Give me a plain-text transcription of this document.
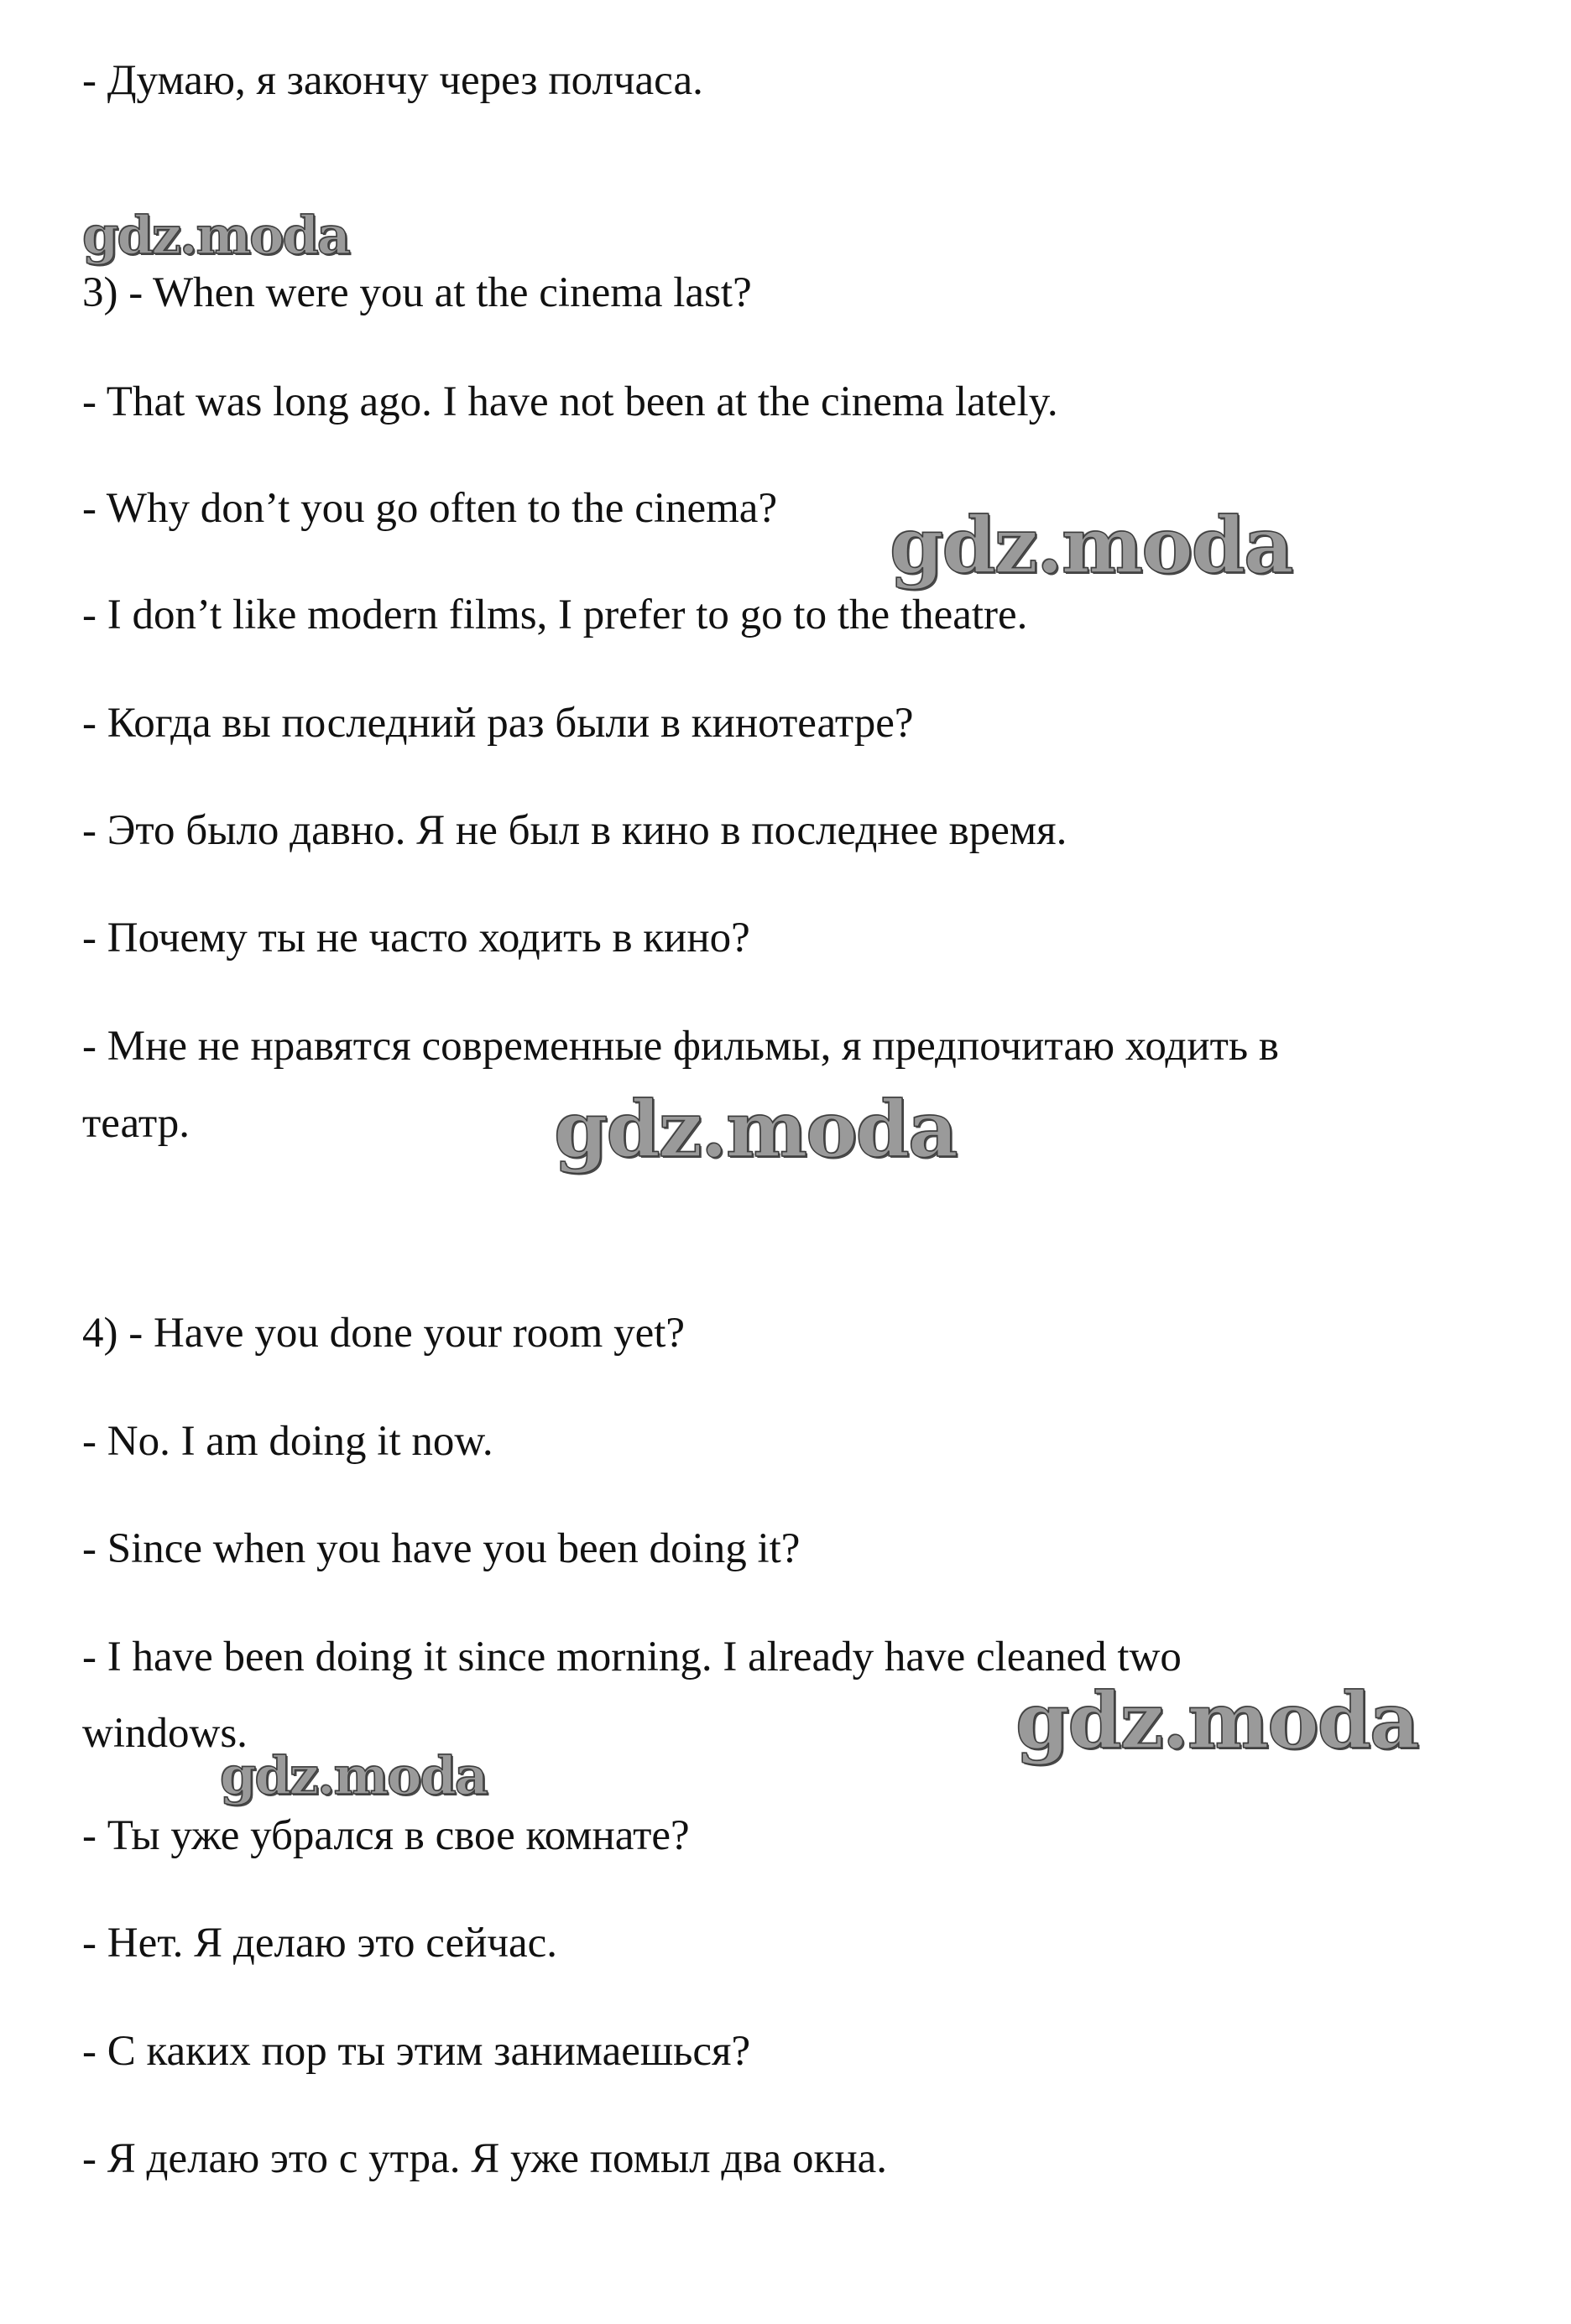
- Думаю, я закончу через полчаса.

3) - When were you at the cinema last?

- That was long ago. I have not been at the cinema lately.

- Why don’t you go often to the cinema?

- I don’t like modern films, I prefer to go to the theatre.

- Когда вы последний раз были в кинотеатре?

- Это было давно. Я не был в кино в последнее время.

- Почему ты не часто ходить в кино?

- Мне не нравятся современные фильмы, я предпочитаю ходить в

театр.

4) - Have you done your room yet?

- No. I am doing it now.

- Since when you have you been doing it?

- I have been doing it since morning. I already have cleaned two

windows.

- Ты уже убрался в свое комнате?

- Нет. Я делаю это сейчас.

- С каких пор ты этим занимаешься?

- Я делаю это с утра. Я уже помыл два окна.

gdz.moda
gdz.moda
gdz.moda
gdz.moda
gdz.moda
